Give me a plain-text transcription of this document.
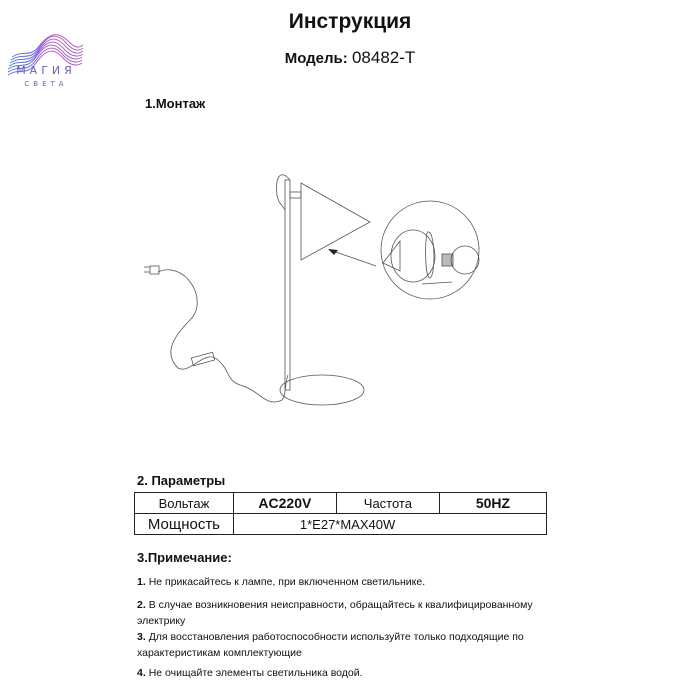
МАГИЯ
СВЕТА
Инструкция
Модель: 08482-T
1.Монтаж
2. Параметры
Вольтаж	AC220V	Частота	50HZ
Мощность	1*E27*MAX40W		
3.Примечание:
1. Не прикасайтесь к лампе, при включенном светильнике.
2. В случае возникновения неисправности, обращайтесь к квалифицированному электрику
3. Для восстановления работоспособности используйте только подходящие по характеристикам комплектующие
4. Не очищайте элементы светильника водой.
